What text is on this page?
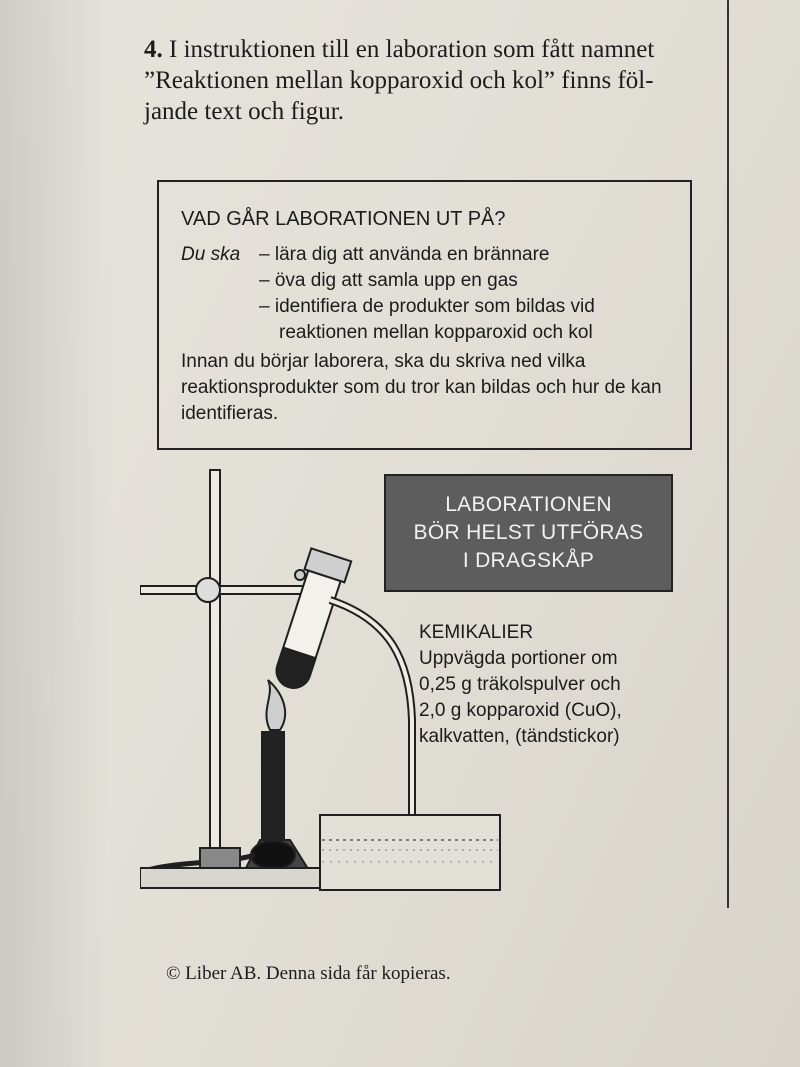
4. I instruktionen till en laboration som fått namnet

”Reaktionen mellan kopparoxid och kol” finns föl-

jande text och figur.

VAD GÅR LABORATIONEN UT PÅ?
Du ska – lära dig att använda en brännare
– öva dig att samla upp en gas
– identifiera de produkter som bildas vid reaktionen mellan kopparoxid och kol
Innan du börjar laborera, ska du skriva ned vilka reaktionsprodukter som du tror kan bildas och hur de kan identifieras.
LABORATIONEN
BÖR HELST UTFÖRAS
I DRAGSKÅP
KEMIKALIER
Uppvägda portioner om
0,25 g träkolspulver och
2,0 g kopparoxid (CuO),
kalkvatten, (tändstickor)
© Liber AB. Denna sida får kopieras.
